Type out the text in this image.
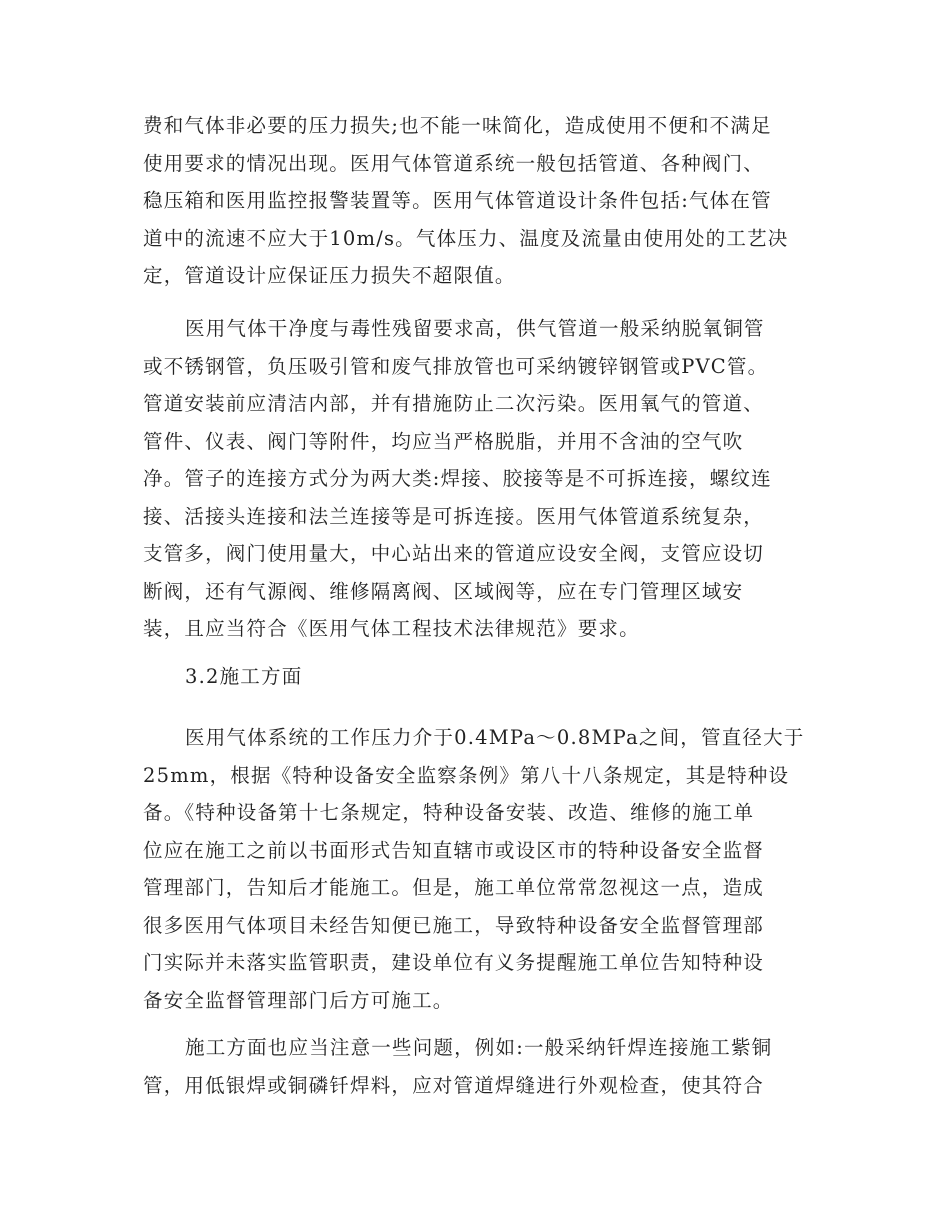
费和气体非必要的压力损失;也不能一味简化，造成使用不便和不满足
使用要求的情况出现。医用气体管道系统一般包括管道、各种阀门、
稳压箱和医用监控报警装置等。医用气体管道设计条件包括:气体在管
道中的流速不应大于10m/s。气体压力、温度及流量由使用处的工艺决
定，管道设计应保证压力损失不超限值。
医用气体干净度与毒性残留要求高，供气管道一般采纳脱氧铜管
或不锈钢管，负压吸引管和废气排放管也可采纳镀锌钢管或PVC管。
管道安装前应清洁内部，并有措施防止二次污染。医用氧气的管道、
管件、仪表、阀门等附件，均应当严格脱脂，并用不含油的空气吹
净。管子的连接方式分为两大类:焊接、胶接等是不可拆连接，螺纹连
接、活接头连接和法兰连接等是可拆连接。医用气体管道系统复杂，
支管多，阀门使用量大，中心站出来的管道应设安全阀，支管应设切
断阀，还有气源阀、维修隔离阀、区域阀等，应在专门管理区域安
装，且应当符合《医用气体工程技术法律规范》要求。
3.2施工方面
医用气体系统的工作压力介于0.4MPa～0.8MPa之间，管直径大于
25mm，根据《特种设备安全监察条例》第八十八条规定，其是特种设
备。《特种设备第十七条规定，特种设备安装、改造、维修的施工单
位应在施工之前以书面形式告知直辖市或设区市的特种设备安全监督
管理部门，告知后才能施工。但是，施工单位常常忽视这一点，造成
很多医用气体项目未经告知便已施工，导致特种设备安全监督管理部
门实际并未落实监管职责，建设单位有义务提醒施工单位告知特种设
备安全监督管理部门后方可施工。
施工方面也应当注意一些问题，例如:一般采纳钎焊连接施工紫铜
管，用低银焊或铜磷钎焊料，应对管道焊缝进行外观检查，使其符合
